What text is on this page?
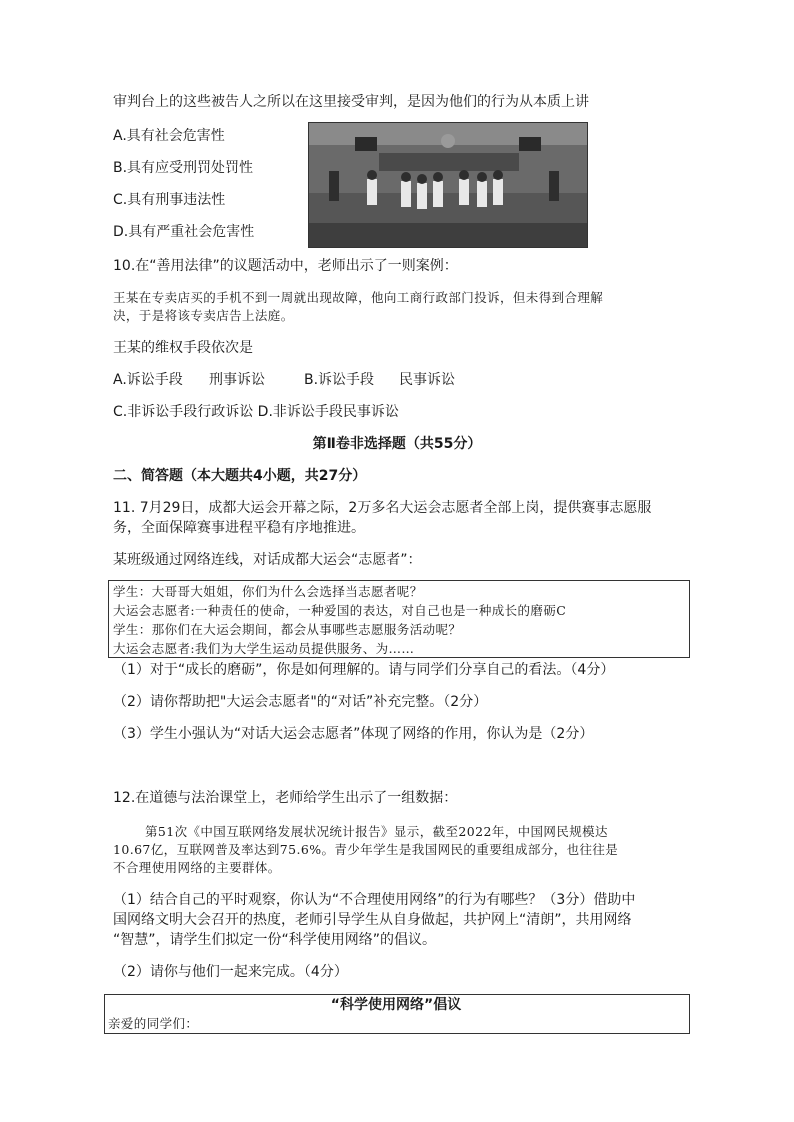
审判台上的这些被告人之所以在这里接受审判，是因为他们的行为从本质上讲
A.具有社会危害性
B.具有应受刑罚处罚性
C.具有刑事违法性
D.具有严重社会危害性
10.在“善用法律”的议题活动中，老师出示了一则案例：
王某在专卖店买的手机不到一周就出现故障，他向工商行政部门投诉，但未得到合理解
决，于是将该专卖店告上法庭。
王某的维权手段依次是
A.诉讼手段 刑事诉讼	B.诉讼手段 民事诉讼
C.非诉讼手段行政诉讼 D.非诉讼手段民事诉讼
第Ⅱ卷非选择题（共55分）
二、简答题（本大题共4小题，共27分）
11. 7月29日，成都大运会开幕之际，2万多名大运会志愿者全部上岗，提供赛事志愿服
务，全面保障赛事进程平稳有序地推进。
某班级通过网络连线，对话成都大运会“志愿者”：
学生：大哥哥大姐姐，你们为什么会选择当志愿者呢？
大运会志愿者:一种责任的使命，一种爱国的表达，对自己也是一种成长的磨砺C
学生：那你们在大运会期间，都会从事哪些志愿服务活动呢？
大运会志愿者:我们为大学生运动员提供服务、为……
（1）对于“成长的磨砺”，你是如何理解的。请与同学们分享自己的看法。（4分）
（2）请你帮助把"大运会志愿者"的“对话”补充完整。（2分）
（3）学生小强认为“对话大运会志愿者”体现了网络的作用，你认为是（2分）
12.在道德与法治课堂上，老师给学生出示了一组数据：
第51次《中国互联网络发展状况统计报告》显示，截至2022年，中国网民规模达
10.67亿，互联网普及率达到75.6%。青少年学生是我国网民的重要组成部分，也往往是
不合理使用网络的主要群体。
（1）结合自己的平时观察，你认为“不合理使用网络”的行为有哪些？（3分）借助中
国网络文明大会召开的热度，老师引导学生从自身做起，共护网上“清朗”，共用网络
“智慧”，请学生们拟定一份“科学使用网络”的倡议。
（2）请你与他们一起来完成。（4分）
“科学使用网络”倡议
亲爱的同学们：
